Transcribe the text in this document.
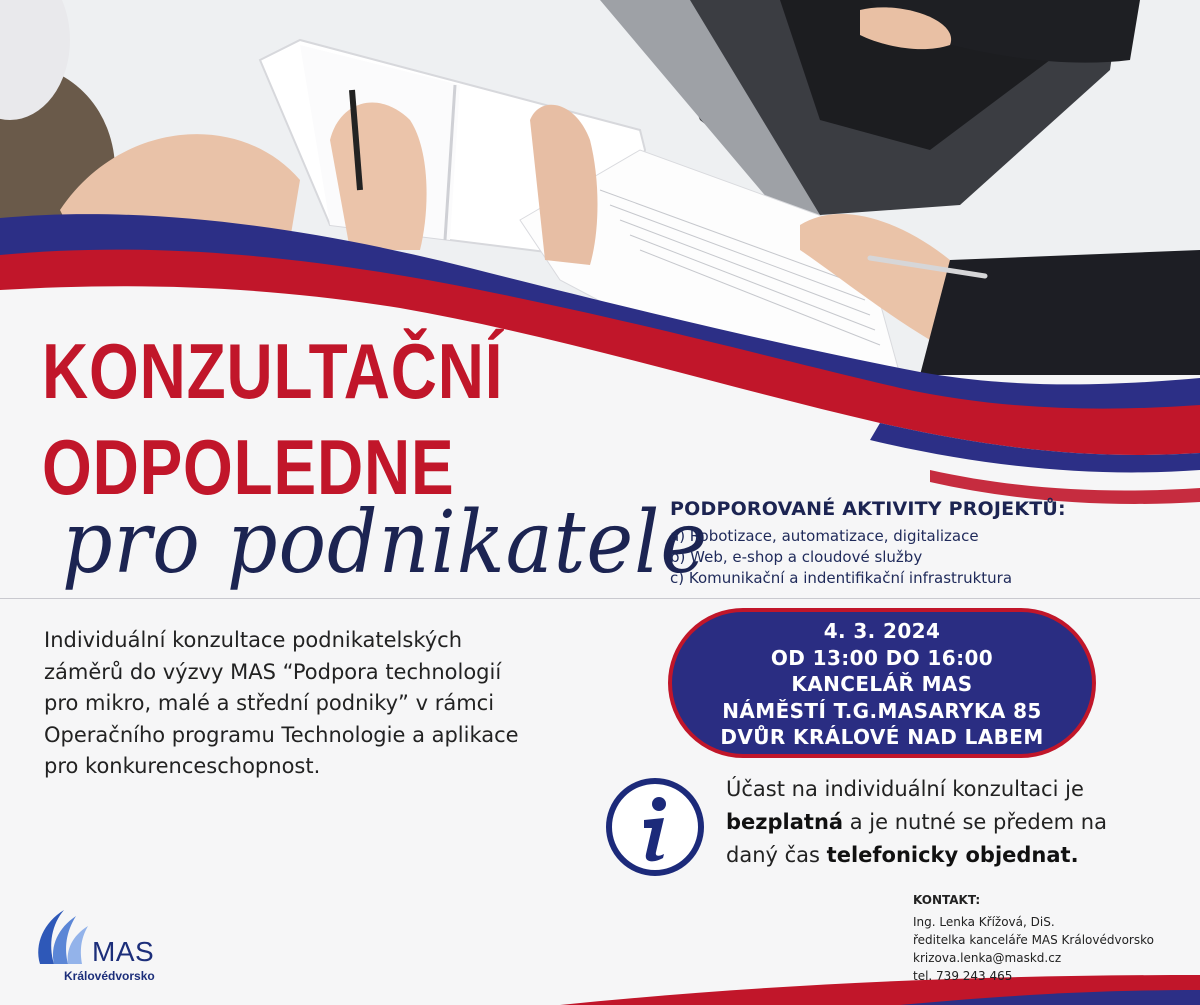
KONZULTAČNÍ
ODPOLEDNE

pro podnikatele

PODPOROVANÉ AKTIVITY PROJEKTŮ:
a) Robotizace, automatizace, digitalizace
b) Web, e-shop a cloudové služby
c) Komunikační a indentifikační infrastruktura

Individuální konzultace podnikatelských záměrů do výzvy MAS “Podpora technologií pro mikro, malé a střední podniky” v rámci Operačního programu Technologie a aplikace pro konkurenceschopnost.

4. 3. 2024
OD 13:00 DO 16:00
KANCELÁŘ MAS
NÁMĚSTÍ T.G.MASARYKA 85
DVŮR KRÁLOVÉ NAD LABEM

Účast na individuální konzultaci je bezplatná a je nutné se předem na daný čas telefonicky objednat.

KONTAKT:
Ing. Lenka Křížová, DiS.
ředitelka kanceláře MAS Královédvorsko
krizova.lenka@maskd.cz
tel. 739 243 465

MAS

Královédvorsko
